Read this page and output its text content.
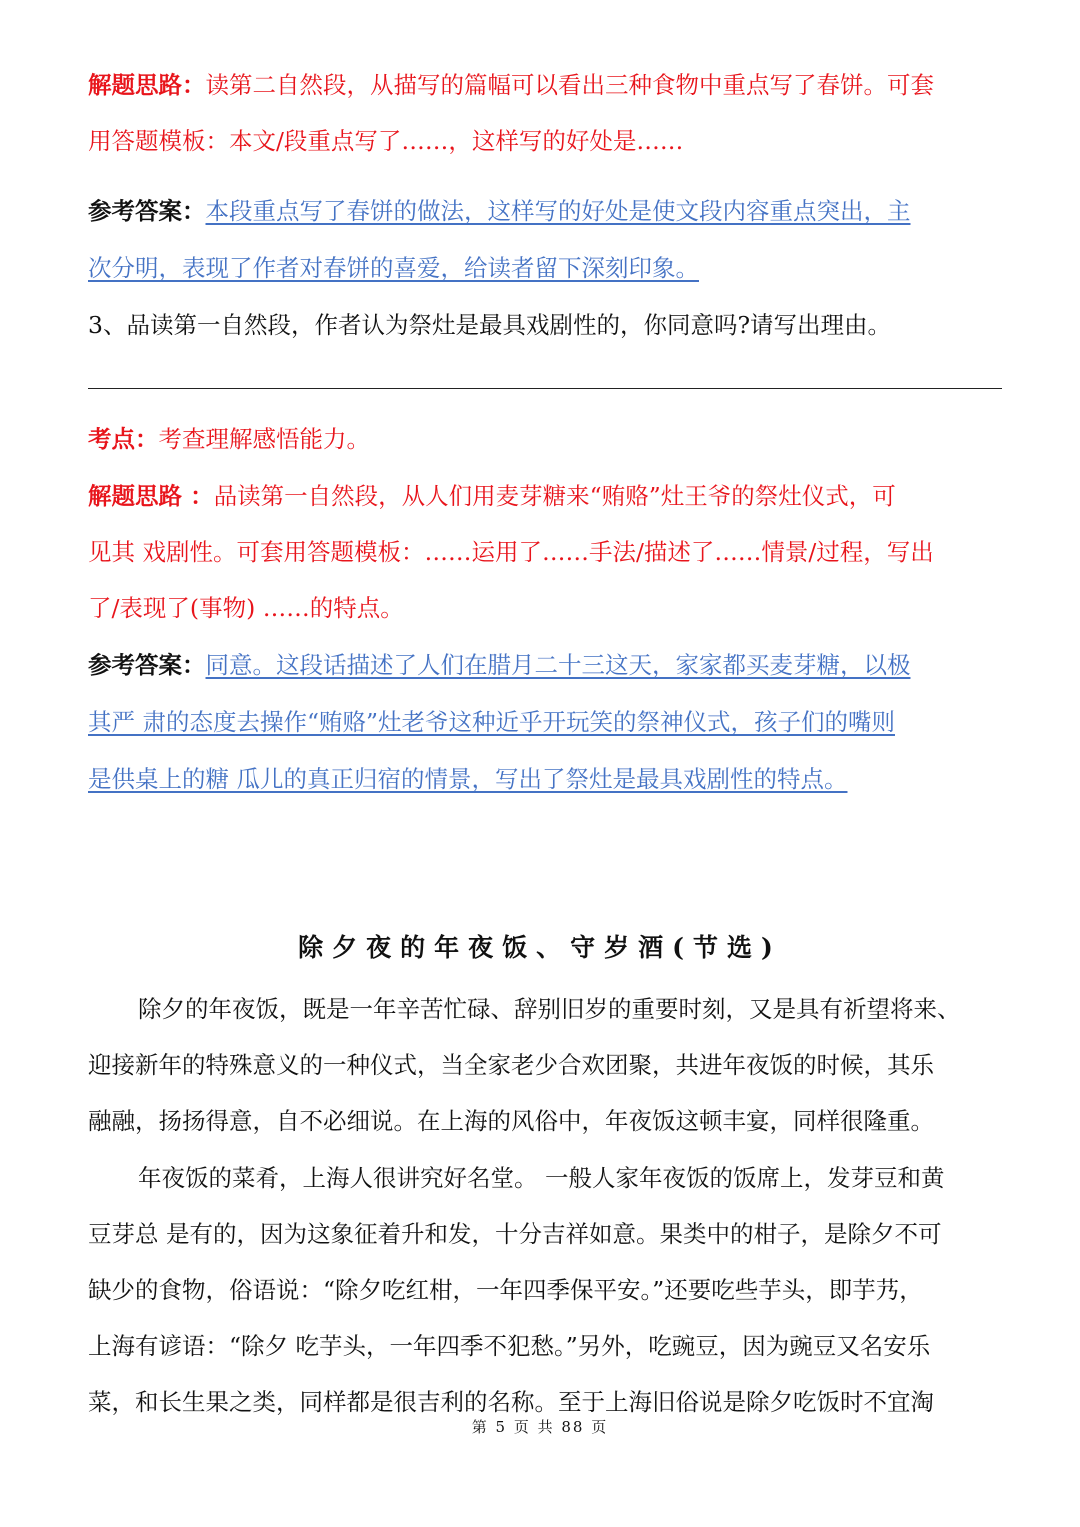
解题思路：读第二自然段，从描写的篇幅可以看出三种食物中重点写了春饼。可套
用答题模板：本文/段重点写了……，这样写的好处是……
参考答案：本段重点写了春饼的做法，这样写的好处是使文段内容重点突出，主
次分明，表现了作者对春饼的喜爱，给读者留下深刻印象。
3、品读第一自然段，作者认为祭灶是最具戏剧性的，你同意吗?请写出理由。
考点：考查理解感悟能力。
解题思路 ：品读第一自然段，从人们用麦芽糖来“贿赂”灶王爷的祭灶仪式，可
见其 戏剧性。可套用答题模板：……运用了……手法/描述了……情景/过程，写出
了/表现了(事物) ……的特点。
参考答案：同意。这段话描述了人们在腊月二十三这天，家家都买麦芽糖，以极
其严 肃的态度去操作“贿赂”灶老爷这种近乎开玩笑的祭神仪式，孩子们的嘴则
是供桌上的糖 瓜儿的真正归宿的情景，写出了祭灶是最具戏剧性的特点。
除夕夜的年夜饭、守岁酒(节选)
除夕的年夜饭，既是一年辛苦忙碌、辞别旧岁的重要时刻，又是具有祈望将来、
迎接新年的特殊意义的一种仪式，当全家老少合欢团聚，共进年夜饭的时候，其乐
融融，扬扬得意，自不必细说。在上海的风俗中，年夜饭这顿丰宴，同样很隆重。
年夜饭的菜肴，上海人很讲究好名堂。 一般人家年夜饭的饭席上，发芽豆和黄
豆芽总 是有的，因为这象征着升和发，十分吉祥如意。果类中的柑子，是除夕不可
缺少的食物，俗语说：“除夕吃红柑，一年四季保平安。”还要吃些芋头，即芋艿，
上海有谚语：“除夕 吃芋头，一年四季不犯愁。”另外，吃豌豆，因为豌豆又名安乐
菜，和长生果之类，同样都是很吉利的名称。至于上海旧俗说是除夕吃饭时不宜淘
第 5 页 共 88 页
